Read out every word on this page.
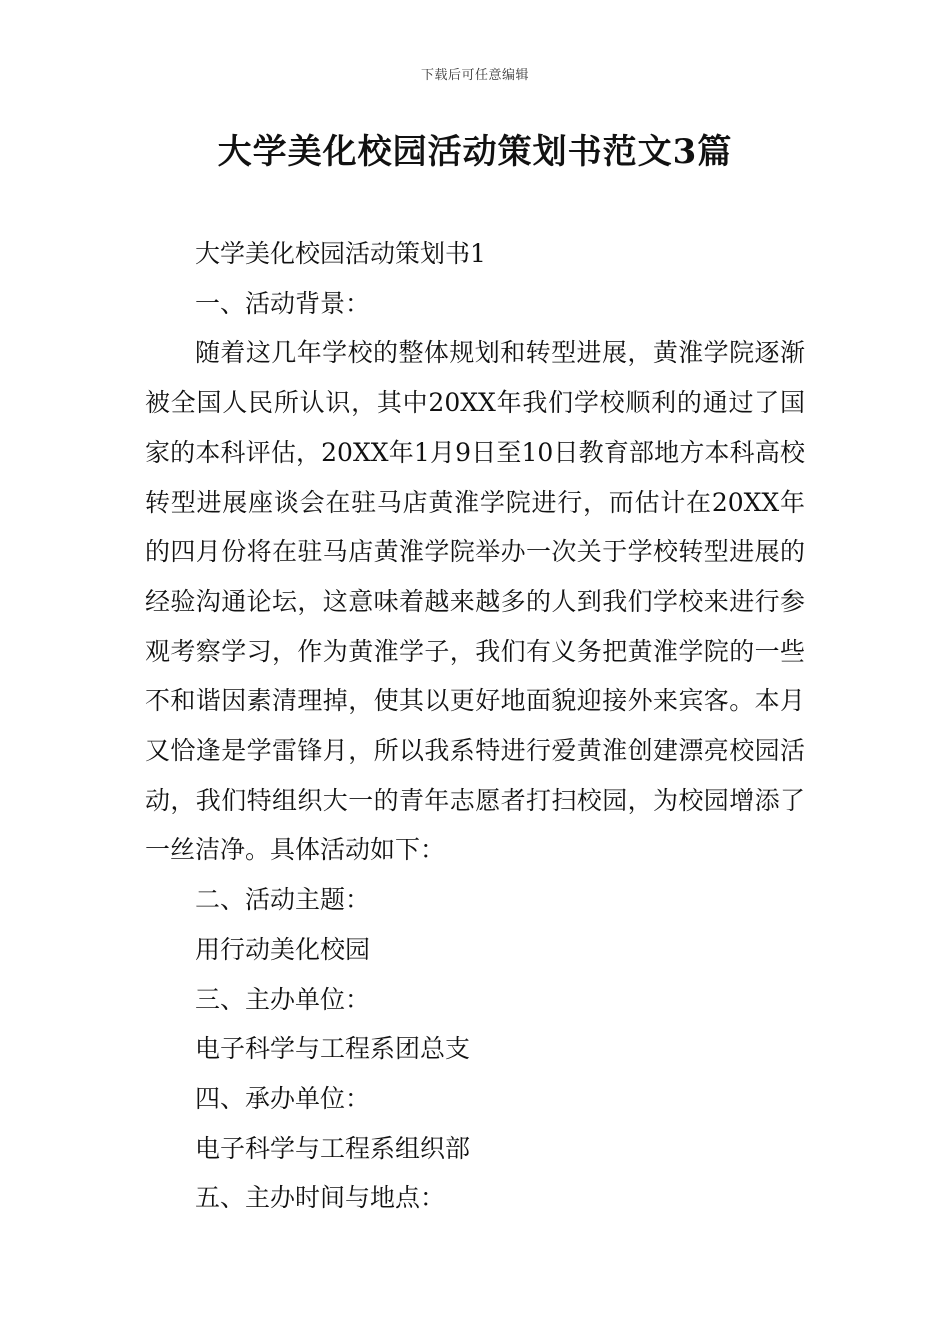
下载后可任意编辑
大学美化校园活动策划书范文3篇

大学美化校园活动策划书1

一、活动背景：

随着这几年学校的整体规划和转型进展，黄淮学院逐渐被全国人民所认识，其中20XX年我们学校顺利的通过了国家的本科评估，20XX年1月9日至10日教育部地方本科高校转型进展座谈会在驻马店黄淮学院进行，而估计在20XX年的四月份将在驻马店黄淮学院举办一次关于学校转型进展的经验沟通论坛，这意味着越来越多的人到我们学校来进行参观考察学习，作为黄淮学子，我们有义务把黄淮学院的一些不和谐因素清理掉，使其以更好地面貌迎接外来宾客。本月又恰逢是学雷锋月，所以我系特进行爱黄淮创建漂亮校园活动，我们特组织大一的青年志愿者打扫校园，为校园增添了一丝洁净。具体活动如下：

二、活动主题：

用行动美化校园

三、主办单位：

电子科学与工程系团总支

四、承办单位：

电子科学与工程系组织部

五、主办时间与地点：
